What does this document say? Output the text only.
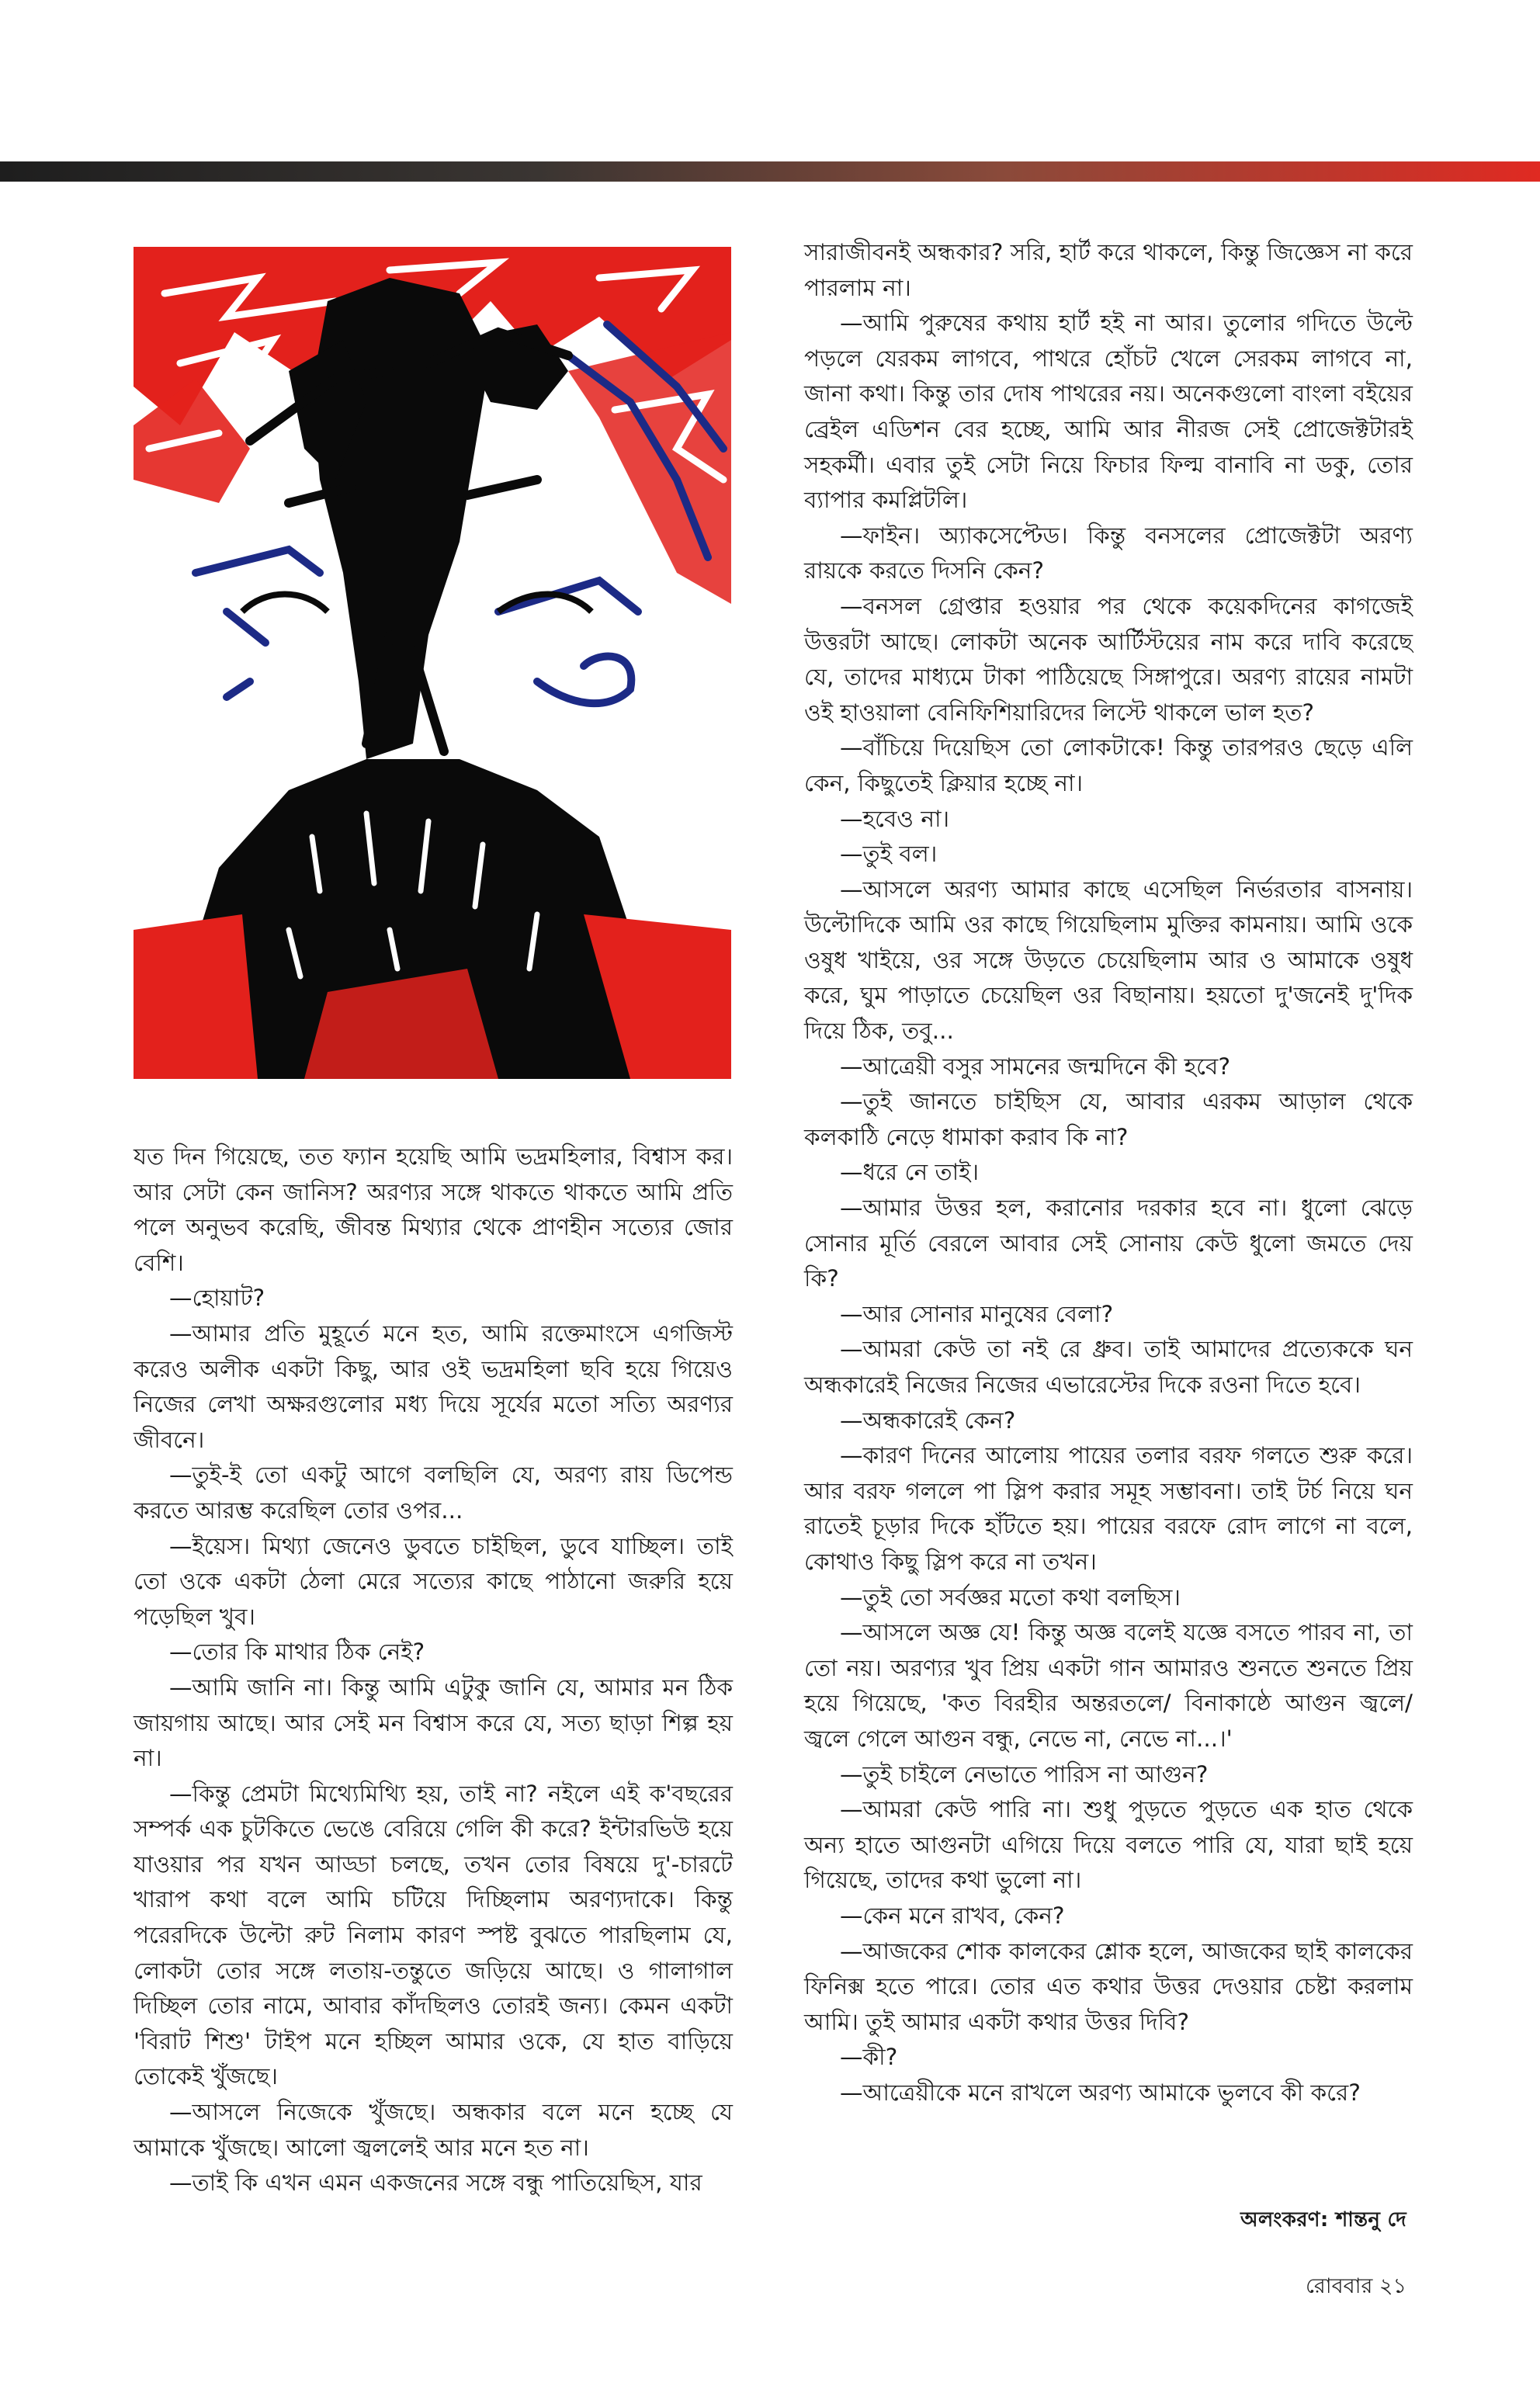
যত দিন গিয়েছে, তত ফ্যান হয়েছি আমি ভদ্রমহিলার, বিশ্বাস কর। আর সেটা কেন জানিস? অরণ্যর সঙ্গে থাকতে থাকতে আমি প্রতি পলে অনুভব করেছি, জীবন্ত মিথ্যার থেকে প্রাণহীন সত্যের জোর বেশি।

—হোয়াট?

—আমার প্রতি মুহূর্তে মনে হত, আমি রক্তেমাংসে এগজিস্ট করেও অলীক একটা কিছু, আর ওই ভদ্রমহিলা ছবি হয়ে গিয়েও নিজের লেখা অক্ষরগুলোর মধ্য দিয়ে সূর্যের মতো সত্যি অরণ্যর জীবনে।

—তুই-ই তো একটু আগে বলছিলি যে, অরণ্য রায় ডিপেন্ড করতে আরম্ভ করেছিল তোর ওপর...

—ইয়েস। মিথ্যা জেনেও ডুবতে চাইছিল, ডুবে যাচ্ছিল। তাই তো ওকে একটা ঠেলা মেরে সত্যের কাছে পাঠানো জরুরি হয়ে পড়েছিল খুব।

—তোর কি মাথার ঠিক নেই?

—আমি জানি না। কিন্তু আমি এটুকু জানি যে, আমার মন ঠিক জায়গায় আছে। আর সেই মন বিশ্বাস করে যে, সত্য ছাড়া শিল্প হয় না।

—কিন্তু প্রেমটা মিথ্যেমিথ্যি হয়, তাই না? নইলে এই ক'বছরের সম্পর্ক এক চুটকিতে ভেঙে বেরিয়ে গেলি কী করে? ইন্টারভিউ হয়ে যাওয়ার পর যখন আড্ডা চলছে, তখন তোর বিষয়ে দু'-চারটে খারাপ কথা বলে আমি চটিয়ে দিচ্ছিলাম অরণ্যদাকে। কিন্তু পরেরদিকে উল্টো রুট নিলাম কারণ স্পষ্ট বুঝতে পারছিলাম যে, লোকটা তোর সঙ্গে লতায়-তন্তুতে জড়িয়ে আছে। ও গালাগাল দিচ্ছিল তোর নামে, আবার কাঁদছিলও তোরই জন্য। কেমন একটা 'বিরাট শিশু' টাইপ মনে হচ্ছিল আমার ওকে, যে হাত বাড়িয়ে তোকেই খুঁজছে।

—আসলে নিজেকে খুঁজছে। অন্ধকার বলে মনে হচ্ছে যে আমাকে খুঁজছে। আলো জ্বললেই আর মনে হত না।

—তাই কি এখন এমন একজনের সঙ্গে বন্ধু পাতিয়েছিস, যার

সারাজীবনই অন্ধকার? সরি, হার্ট করে থাকলে, কিন্তু জিজ্ঞেস না করে পারলাম না।

—আমি পুরুষের কথায় হার্ট হই না আর। তুলোর গদিতে উল্টে পড়লে যেরকম লাগবে, পাথরে হোঁচট খেলে সেরকম লাগবে না, জানা কথা। কিন্তু তার দোষ পাথরের নয়। অনেকগুলো বাংলা বইয়ের ব্রেইল এডিশন বের হচ্ছে, আমি আর নীরজ সেই প্রোজেক্টটারই সহকর্মী। এবার তুই সেটা নিয়ে ফিচার ফিল্ম বানাবি না ডকু, তোর ব্যাপার কমপ্লিটলি।

—ফাইন। অ্যাকসেপ্টেড। কিন্তু বনসলের প্রোজেক্টটা অরণ্য রায়কে করতে দিসনি কেন?

—বনসল গ্রেপ্তার হওয়ার পর থেকে কয়েকদিনের কাগজেই উত্তরটা আছে। লোকটা অনেক আর্টিস্টয়ের নাম করে দাবি করেছে যে, তাদের মাধ্যমে টাকা পাঠিয়েছে সিঙ্গাপুরে। অরণ্য রায়ের নামটা ওই হাওয়ালা বেনিফিশিয়ারিদের লিস্টে থাকলে ভাল হত?

—বাঁচিয়ে দিয়েছিস তো লোকটাকে! কিন্তু তারপরও ছেড়ে এলি কেন, কিছুতেই ক্লিয়ার হচ্ছে না।

—হবেও না।

—তুই বল।

—আসলে অরণ্য আমার কাছে এসেছিল নির্ভরতার বাসনায়। উল্টোদিকে আমি ওর কাছে গিয়েছিলাম মুক্তির কামনায়। আমি ওকে ওষুধ খাইয়ে, ওর সঙ্গে উড়তে চেয়েছিলাম আর ও আমাকে ওষুধ করে, ঘুম পাড়াতে চেয়েছিল ওর বিছানায়। হয়তো দু'জনেই দু'দিক দিয়ে ঠিক, তবু...

—আত্রেয়ী বসুর সামনের জন্মদিনে কী হবে?

—তুই জানতে চাইছিস যে, আবার এরকম আড়াল থেকে কলকাঠি নেড়ে ধামাকা করাব কি না?

—ধরে নে তাই।

—আমার উত্তর হল, করানোর দরকার হবে না। ধুলো ঝেড়ে সোনার মূর্তি বেরলে আবার সেই সোনায় কেউ ধুলো জমতে দেয় কি?

—আর সোনার মানুষের বেলা?

—আমরা কেউ তা নই রে ধ্রুব। তাই আমাদের প্রত্যেককে ঘন অন্ধকারেই নিজের নিজের এভারেস্টের দিকে রওনা দিতে হবে।

—অন্ধকারেই কেন?

—কারণ দিনের আলোয় পায়ের তলার বরফ গলতে শুরু করে। আর বরফ গললে পা স্লিপ করার সমূহ সম্ভাবনা। তাই টর্চ নিয়ে ঘন রাতেই চূড়ার দিকে হাঁটতে হয়। পায়ের বরফে রোদ লাগে না বলে, কোথাও কিছু স্লিপ করে না তখন।

—তুই তো সর্বজ্ঞর মতো কথা বলছিস।

—আসলে অজ্ঞ যে! কিন্তু অজ্ঞ বলেই যজ্ঞে বসতে পারব না, তা তো নয়। অরণ্যর খুব প্রিয় একটা গান আমারও শুনতে শুনতে প্রিয় হয়ে গিয়েছে, 'কত বিরহীর অন্তরতলে/ বিনাকাষ্ঠে আগুন জ্বলে/ জ্বলে গেলে আগুন বন্ধু, নেভে না, নেভে না...।'

—তুই চাইলে নেভাতে পারিস না আগুন?

—আমরা কেউ পারি না। শুধু পুড়তে পুড়তে এক হাত থেকে অন্য হাতে আগুনটা এগিয়ে দিয়ে বলতে পারি যে, যারা ছাই হয়ে গিয়েছে, তাদের কথা ভুলো না।

—কেন মনে রাখব, কেন?

—আজকের শোক কালকের শ্লোক হলে, আজকের ছাই কালকের ফিনিক্স হতে পারে। তোর এত কথার উত্তর দেওয়ার চেষ্টা করলাম আমি। তুই আমার একটা কথার উত্তর দিবি?

—কী?

—আত্রেয়ীকে মনে রাখলে অরণ্য আমাকে ভুলবে কী করে?

অলংকরণ: শান্তনু দে
রোববার ২১
